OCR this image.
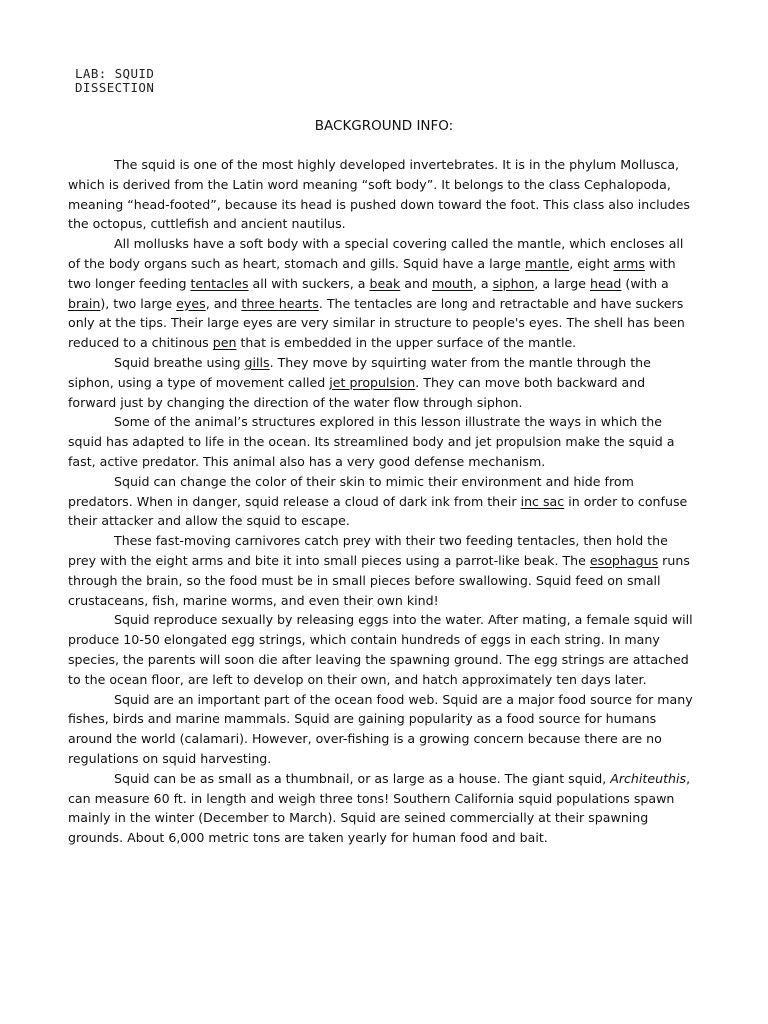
LAB: SQUID
DISSECTION
BACKGROUND INFO:

The squid is one of the most highly developed invertebrates. It is in the phylum Mollusca, which is derived from the Latin word meaning “soft body”. It belongs to the class Cephalopoda, meaning “head-footed”, because its head is pushed down toward the foot. This class also includes the octopus, cuttlefish and ancient nautilus.

All mollusks have a soft body with a special covering called the mantle, which encloses all of the body organs such as heart, stomach and gills. Squid have a large mantle, eight arms with two longer feeding tentacles all with suckers, a beak and mouth, a siphon, a large head (with a brain), two large eyes, and three hearts. The tentacles are long and retractable and have suckers only at the tips. Their large eyes are very similar in structure to people's eyes. The shell has been reduced to a chitinous pen that is embedded in the upper surface of the mantle.

Squid breathe using gills. They move by squirting water from the mantle through the siphon, using a type of movement called jet propulsion. They can move both backward and forward just by changing the direction of the water flow through siphon.

Some of the animal’s structures explored in this lesson illustrate the ways in which the squid has adapted to life in the ocean. Its streamlined body and jet propulsion make the squid a fast, active predator. This animal also has a very good defense mechanism.

Squid can change the color of their skin to mimic their environment and hide from predators. When in danger, squid release a cloud of dark ink from their inc sac in order to confuse their attacker and allow the squid to escape.

These fast-moving carnivores catch prey with their two feeding tentacles, then hold the prey with the eight arms and bite it into small pieces using a parrot-like beak. The esophagus runs through the brain, so the food must be in small pieces before swallowing. Squid feed on small crustaceans, fish, marine worms, and even their own kind!

Squid reproduce sexually by releasing eggs into the water. After mating, a female squid will produce 10-50 elongated egg strings, which contain hundreds of eggs in each string. In many species, the parents will soon die after leaving the spawning ground. The egg strings are attached to the ocean floor, are left to develop on their own, and hatch approximately ten days later.

Squid are an important part of the ocean food web. Squid are a major food source for many fishes, birds and marine mammals. Squid are gaining popularity as a food source for humans around the world (calamari). However, over-fishing is a growing concern because there are no regulations on squid harvesting.

Squid can be as small as a thumbnail, or as large as a house. The giant squid, Architeuthis, can measure 60 ft. in length and weigh three tons! Southern California squid populations spawn mainly in the winter (December to March). Squid are seined commercially at their spawning grounds. About 6,000 metric tons are taken yearly for human food and bait.
